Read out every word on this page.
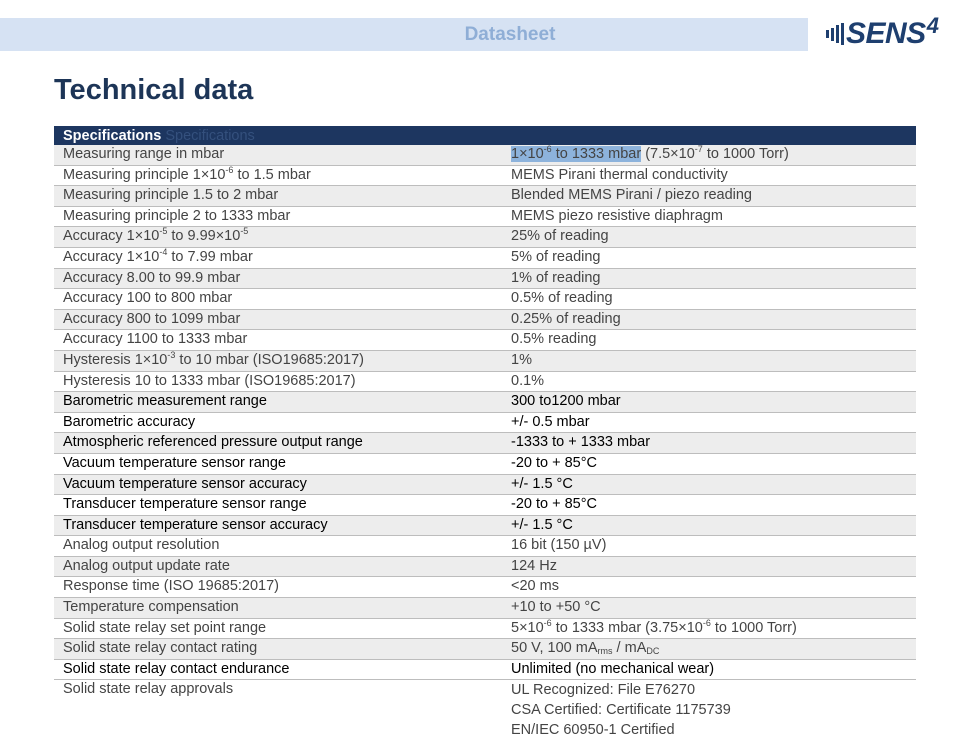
Datasheet	SENS$^4$
Technical data
Specifications Specifications	
Measuring range in mbar	$1\times 10^{-6}$ to 1333 mbar ($7.5\times 10^{-7}$ to 1000 Torr)
Measuring principle $1\times 10^{-6}$ to 1.5 mbar	MEMS Pirani thermal conductivity
Measuring principle 1.5 to 2 mbar	Blended MEMS Pirani / piezo reading
Measuring principle 2 to 1333 mbar	MEMS piezo resistive diaphragm
Accuracy $1\times 10^{-5}$ to $9.99\times 10^{-5}$	25% of reading
Accuracy $1\times 10^{-4}$ to 7.99 mbar	5% of reading
Accuracy 8.00 to 99.9 mbar	1% of reading
Accuracy 100 to 800 mbar	0.5% of reading
Accuracy 800 to 1099 mbar	0.25% of reading
Accuracy 1100 to 1333 mbar	0.5% reading
Hysteresis $1\times 10^{-3}$ to 10 mbar (ISO19685:2017)	1%
Hysteresis 10 to 1333 mbar (ISO19685:2017)	0.1%
Barometric measurement range	300 to1200 mbar
Barometric accuracy	+/- 0.5 mbar
Atmospheric referenced pressure output range	-1333 to + 1333 mbar
Vacuum temperature sensor range	-20 to + 85°C
Vacuum temperature sensor accuracy	+/- 1.5 °C
Transducer temperature sensor range	-20 to + 85°C
Transducer temperature sensor accuracy	+/- 1.5 °C
Analog output resolution	16 bit (150 µV)
Analog output update rate	124 Hz
Response time (ISO 19685:2017)	<20 ms
Temperature compensation	+10 to +50 °C
Solid state relay set point range	$5\times 10^{-6}$ to 1333 mbar ($3.75\times 10^{-6}$ to 1000 Torr)
Solid state relay contact rating	50 V, 100 $mA_{rms} / mA_{DC}$
Solid state relay contact endurance	Unlimited (no mechanical wear)
Solid state relay approvals	UL Recognized: File E76270
CSA Certified: Certificate 1175739
EN/IEC 60950-1 Certified
